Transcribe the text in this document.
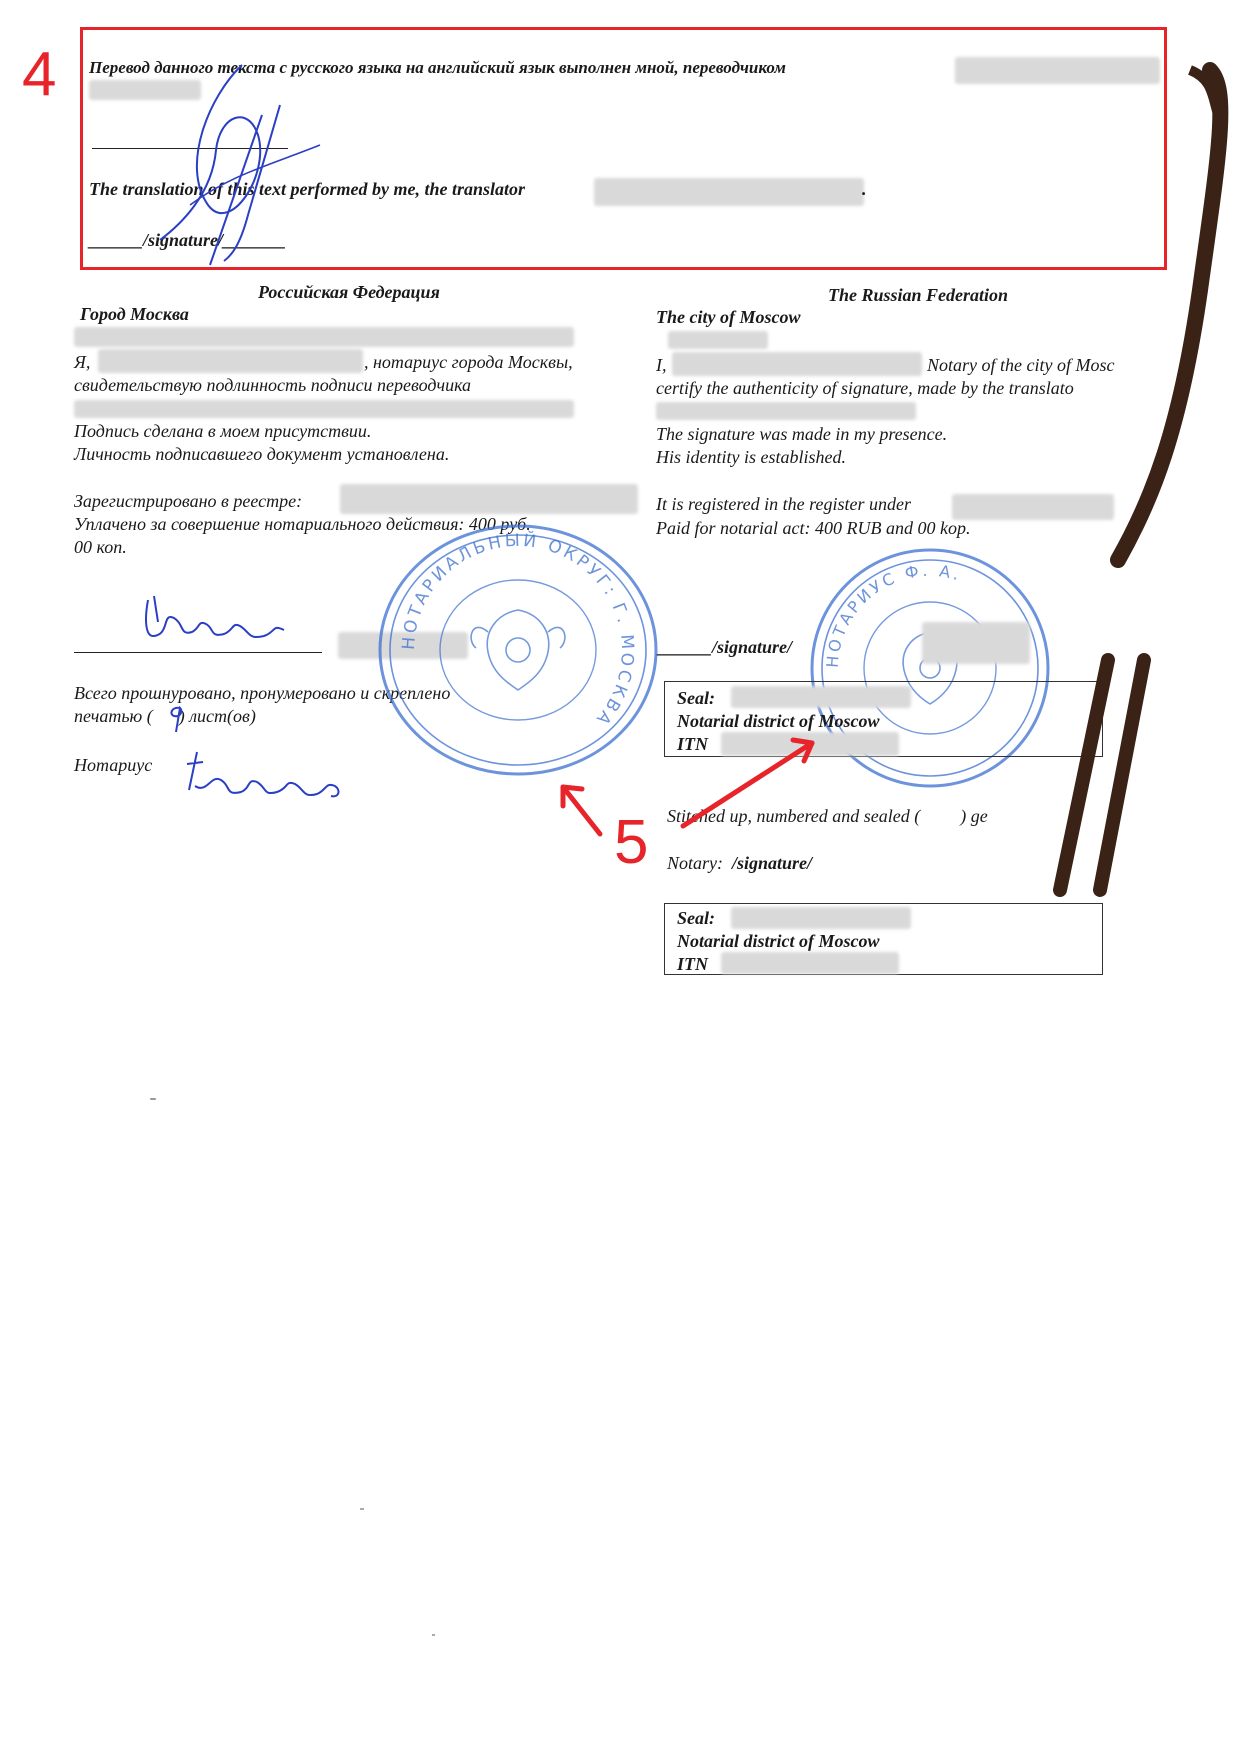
4 Перевод данного текста с русского языка на английский язык выполнен мной, переводчиком
The translation of this text performed by me, the translator	.
______/signature/_______
Российская Федерация
Город Москва
Я,	, нотариус города Москвы,
свидетельствую подлинность подписи переводчика
Подпись сделана в моем присутствии.
Личность подписавшего документ установлена.
Зарегистрировано в реестре:
Уплачено за совершение нотариального действия: 400 руб.
00 коп.
Всего прошнуровано, пронумеровано и скреплено
печатью ( ) лист(ов)
Нотариус
НОТАРИАЛЬНЫЙ ОКРУГ: Г. МОСКВА
The Russian Federation
The city of Moscow
I,	Notary of the city of Mosc
certify the authenticity of signature, made by the translato
The signature was made in my presence.
His identity is established.
It is registered in the register under
Paid for notarial act: 400 RUB and 00 kop.
НОТАРИУС Ф. А.
______/signature/
Seal:
Notarial district of Moscow
ITN
Stitched up, numbered and sealed ( ) ge
Notary: /signature/
Seal:
Notarial district of Moscow
ITN
5
